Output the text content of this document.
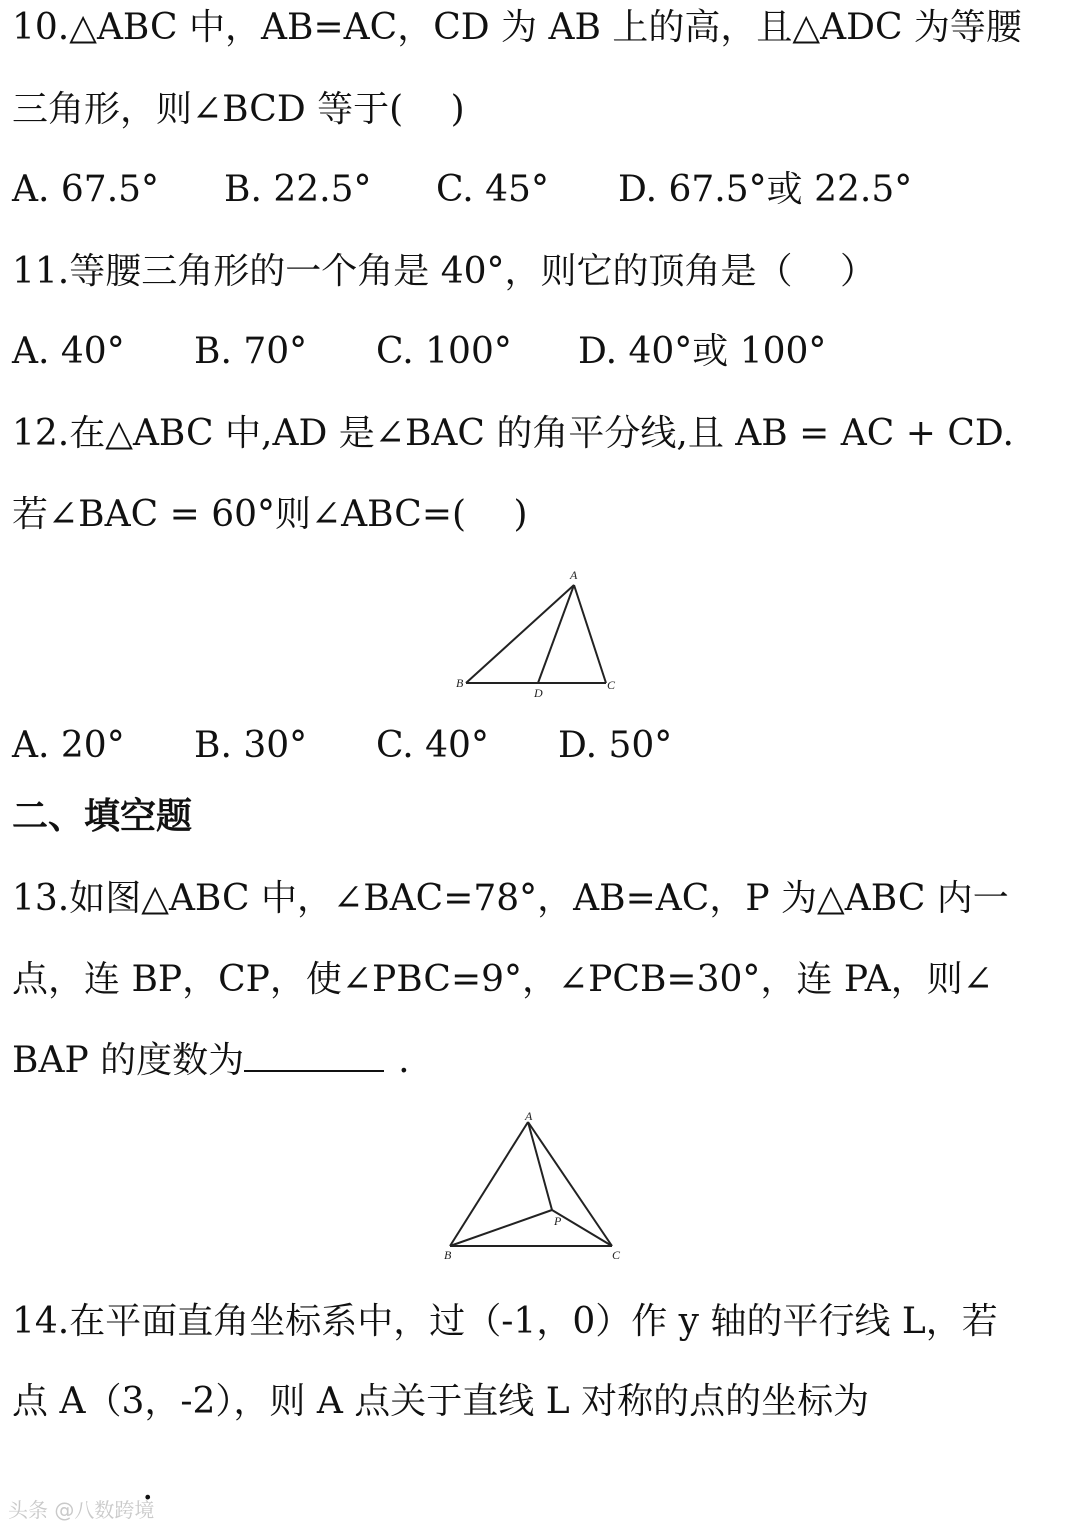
10.△ABC 中，AB=AC，CD 为 AB 上的高，且△ADC 为等腰
三角形，则∠BCD 等于(　 )
A. 67.5° B. 22.5° C. 45° D. 67.5°或 22.5°
11.等腰三角形的一个角是 40°，则它的顶角是（　 ）
A. 40° B. 70° C. 100° D. 40°或 100°
12.在△ABC 中,AD 是∠BAC 的角平分线,且 AB = AC + CD.
若∠BAC = 60°则∠ABC=(　 )
A
B	C
D
A. 20° B. 30° C. 40° D. 50°
二、填空题
13.如图△ABC 中，∠BAC=78°，AB=AC，P 为△ABC 内一
点，连 BP，CP，使∠PBC=9°，∠PCB=30°，连 PA，则∠
BAP 的度数为	.
A
B	C
P
14.在平面直角坐标系中，过（-1，0）作 y 轴的平行线 L，若
点 A（3，-2），则 A 点关于直线 L 对称的点的坐标为
.
头条 @八数跨境
